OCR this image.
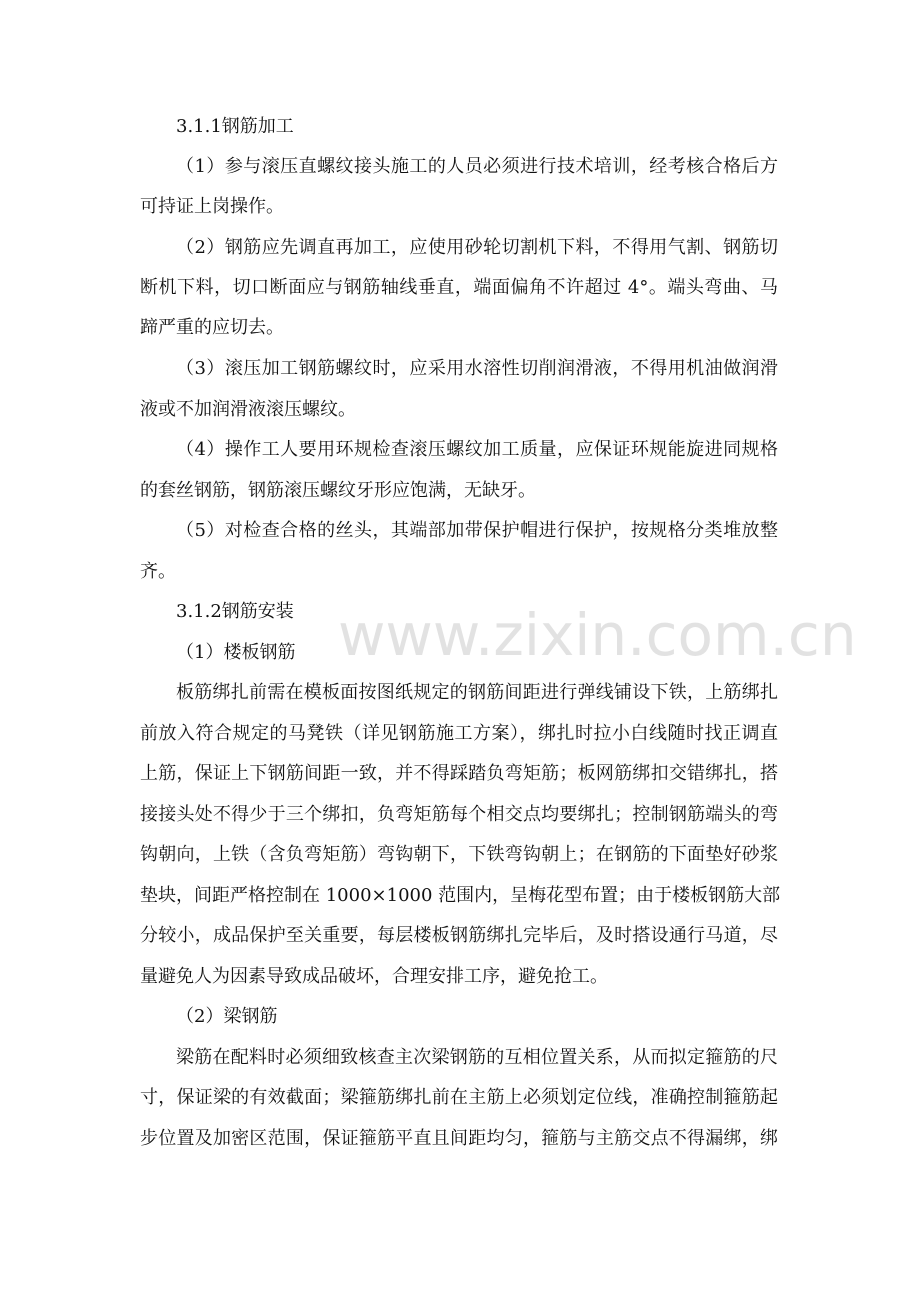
www.zixin.com.cn
3.1.1钢筋加工
（1）参与滚压直螺纹接头施工的人员必须进行技术培训，经考核合格后方
可持证上岗操作。
（2）钢筋应先调直再加工，应使用砂轮切割机下料，不得用气割、钢筋切
断机下料，切口断面应与钢筋轴线垂直，端面偏角不许超过 4°。端头弯曲、马
蹄严重的应切去。
（3）滚压加工钢筋螺纹时，应采用水溶性切削润滑液，不得用机油做润滑
液或不加润滑液滚压螺纹。
（4）操作工人要用环规检查滚压螺纹加工质量，应保证环规能旋进同规格
的套丝钢筋，钢筋滚压螺纹牙形应饱满，无缺牙。
（5）对检查合格的丝头，其端部加带保护帽进行保护，按规格分类堆放整
齐。
3.1.2钢筋安装
（1）楼板钢筋
板筋绑扎前需在模板面按图纸规定的钢筋间距进行弹线铺设下铁，上筋绑扎
前放入符合规定的马凳铁（详见钢筋施工方案），绑扎时拉小白线随时找正调直
上筋，保证上下钢筋间距一致，并不得踩踏负弯矩筋；板网筋绑扣交错绑扎，搭
接接头处不得少于三个绑扣，负弯矩筋每个相交点均要绑扎；控制钢筋端头的弯
钩朝向，上铁（含负弯矩筋）弯钩朝下，下铁弯钩朝上；在钢筋的下面垫好砂浆
垫块，间距严格控制在 1000×1000 范围内，呈梅花型布置；由于楼板钢筋大部
分较小，成品保护至关重要，每层楼板钢筋绑扎完毕后，及时搭设通行马道，尽
量避免人为因素导致成品破坏，合理安排工序，避免抢工。
（2）梁钢筋
梁筋在配料时必须细致核查主次梁钢筋的互相位置关系，从而拟定箍筋的尺
寸，保证梁的有效截面；梁箍筋绑扎前在主筋上必须划定位线，准确控制箍筋起
步位置及加密区范围，保证箍筋平直且间距均匀，箍筋与主筋交点不得漏绑，绑
